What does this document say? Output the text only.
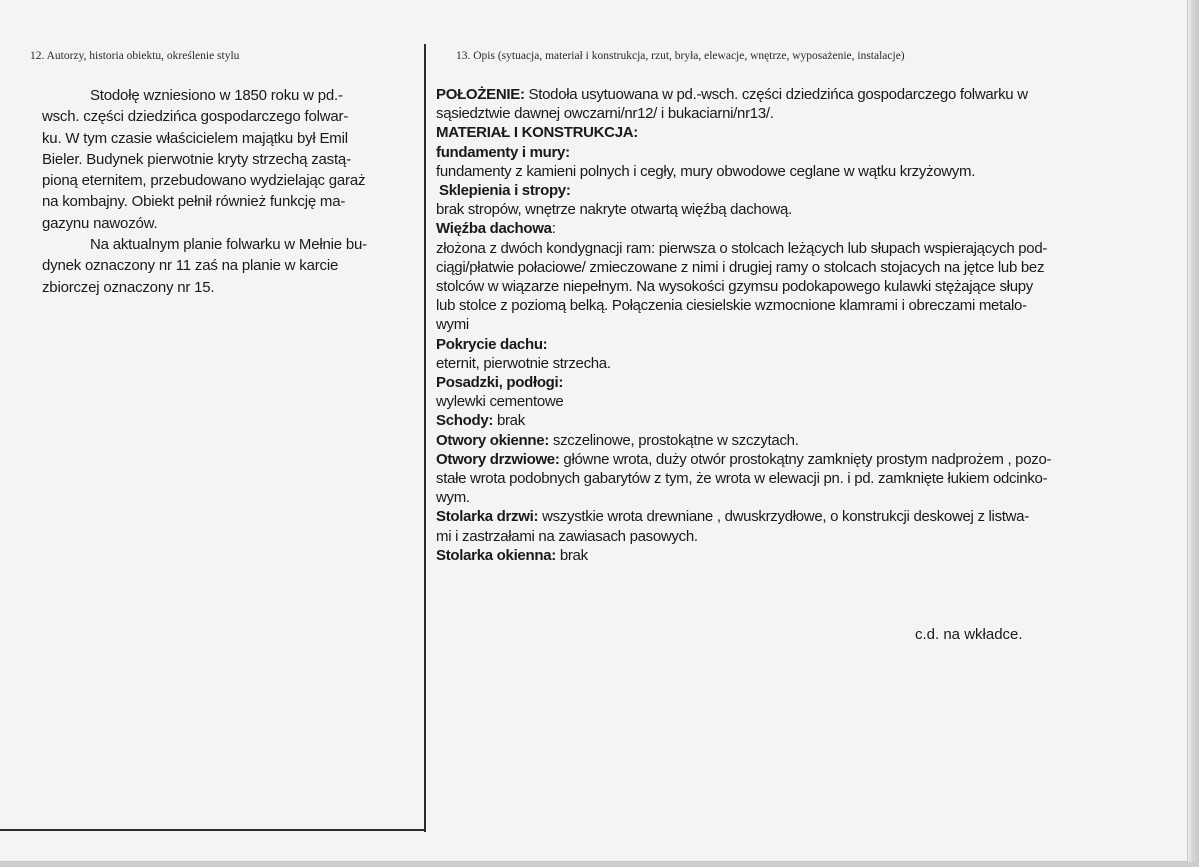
12. Autorzy, historia obiektu, określenie stylu	13. Opis (sytuacja, materiał i konstrukcja, rzut, bryła, elewacje, wnętrze, wyposażenie, instalacje)
Stodołę wzniesiono w 1850 roku w pd.-
wsch. części dziedzińca gospodarczego folwar-
ku. W tym czasie właścicielem majątku był Emil
Bieler. Budynek pierwotnie kryty strzechą zastą-
pioną eternitem, przebudowano wydzielając garaż
na kombajny. Obiekt pełnił również funkcję ma-
gazynu nawozów.
Na aktualnym planie folwarku w Mełnie bu-
dynek oznaczony nr 11 zaś na planie w karcie
zbiorczej oznaczony nr 15.
POŁOŻENIE: Stodoła usytuowana w pd.-wsch. części dziedzińca gospodarczego folwarku w
sąsiedztwie dawnej owczarni/nr12/ i bukaciarni/nr13/.
MATERIAŁ I KONSTRUKCJA:
fundamenty i mury:
fundamenty z kamieni polnych i cegły, mury obwodowe ceglane w wątku krzyżowym.
Sklepienia i stropy:
brak stropów, wnętrze nakryte otwartą więźbą dachową.
Więźba dachowa:
złożona z dwóch kondygnacji ram: pierwsza o stolcach leżących lub słupach wspierających pod-
ciągi/płatwie połaciowe/ zmieczowane z nimi i drugiej ramy o stolcach stojacych na jętce lub bez
stolców w wiązarze niepełnym. Na wysokości gzymsu podokapowego kulawki stężające słupy
lub stolce z poziomą belką. Połączenia ciesielskie wzmocnione klamrami i obreczami metalo-
wymi
Pokrycie dachu:
eternit, pierwotnie strzecha.
Posadzki, podłogi:
wylewki cementowe
Schody: brak
Otwory okienne: szczelinowe, prostokątne w szczytach.
Otwory drzwiowe: główne wrota, duży otwór prostokątny zamknięty prostym nadprożem , pozo-
stałe wrota podobnych gabarytów z tym, że wrota w elewacji pn. i pd. zamknięte łukiem odcinko-
wym.
Stolarka drzwi: wszystkie wrota drewniane , dwuskrzydłowe, o konstrukcji deskowej z listwa-
mi i zastrzałami na zawiasach pasowych.
Stolarka okienna: brak
c.d. na wkładce.
